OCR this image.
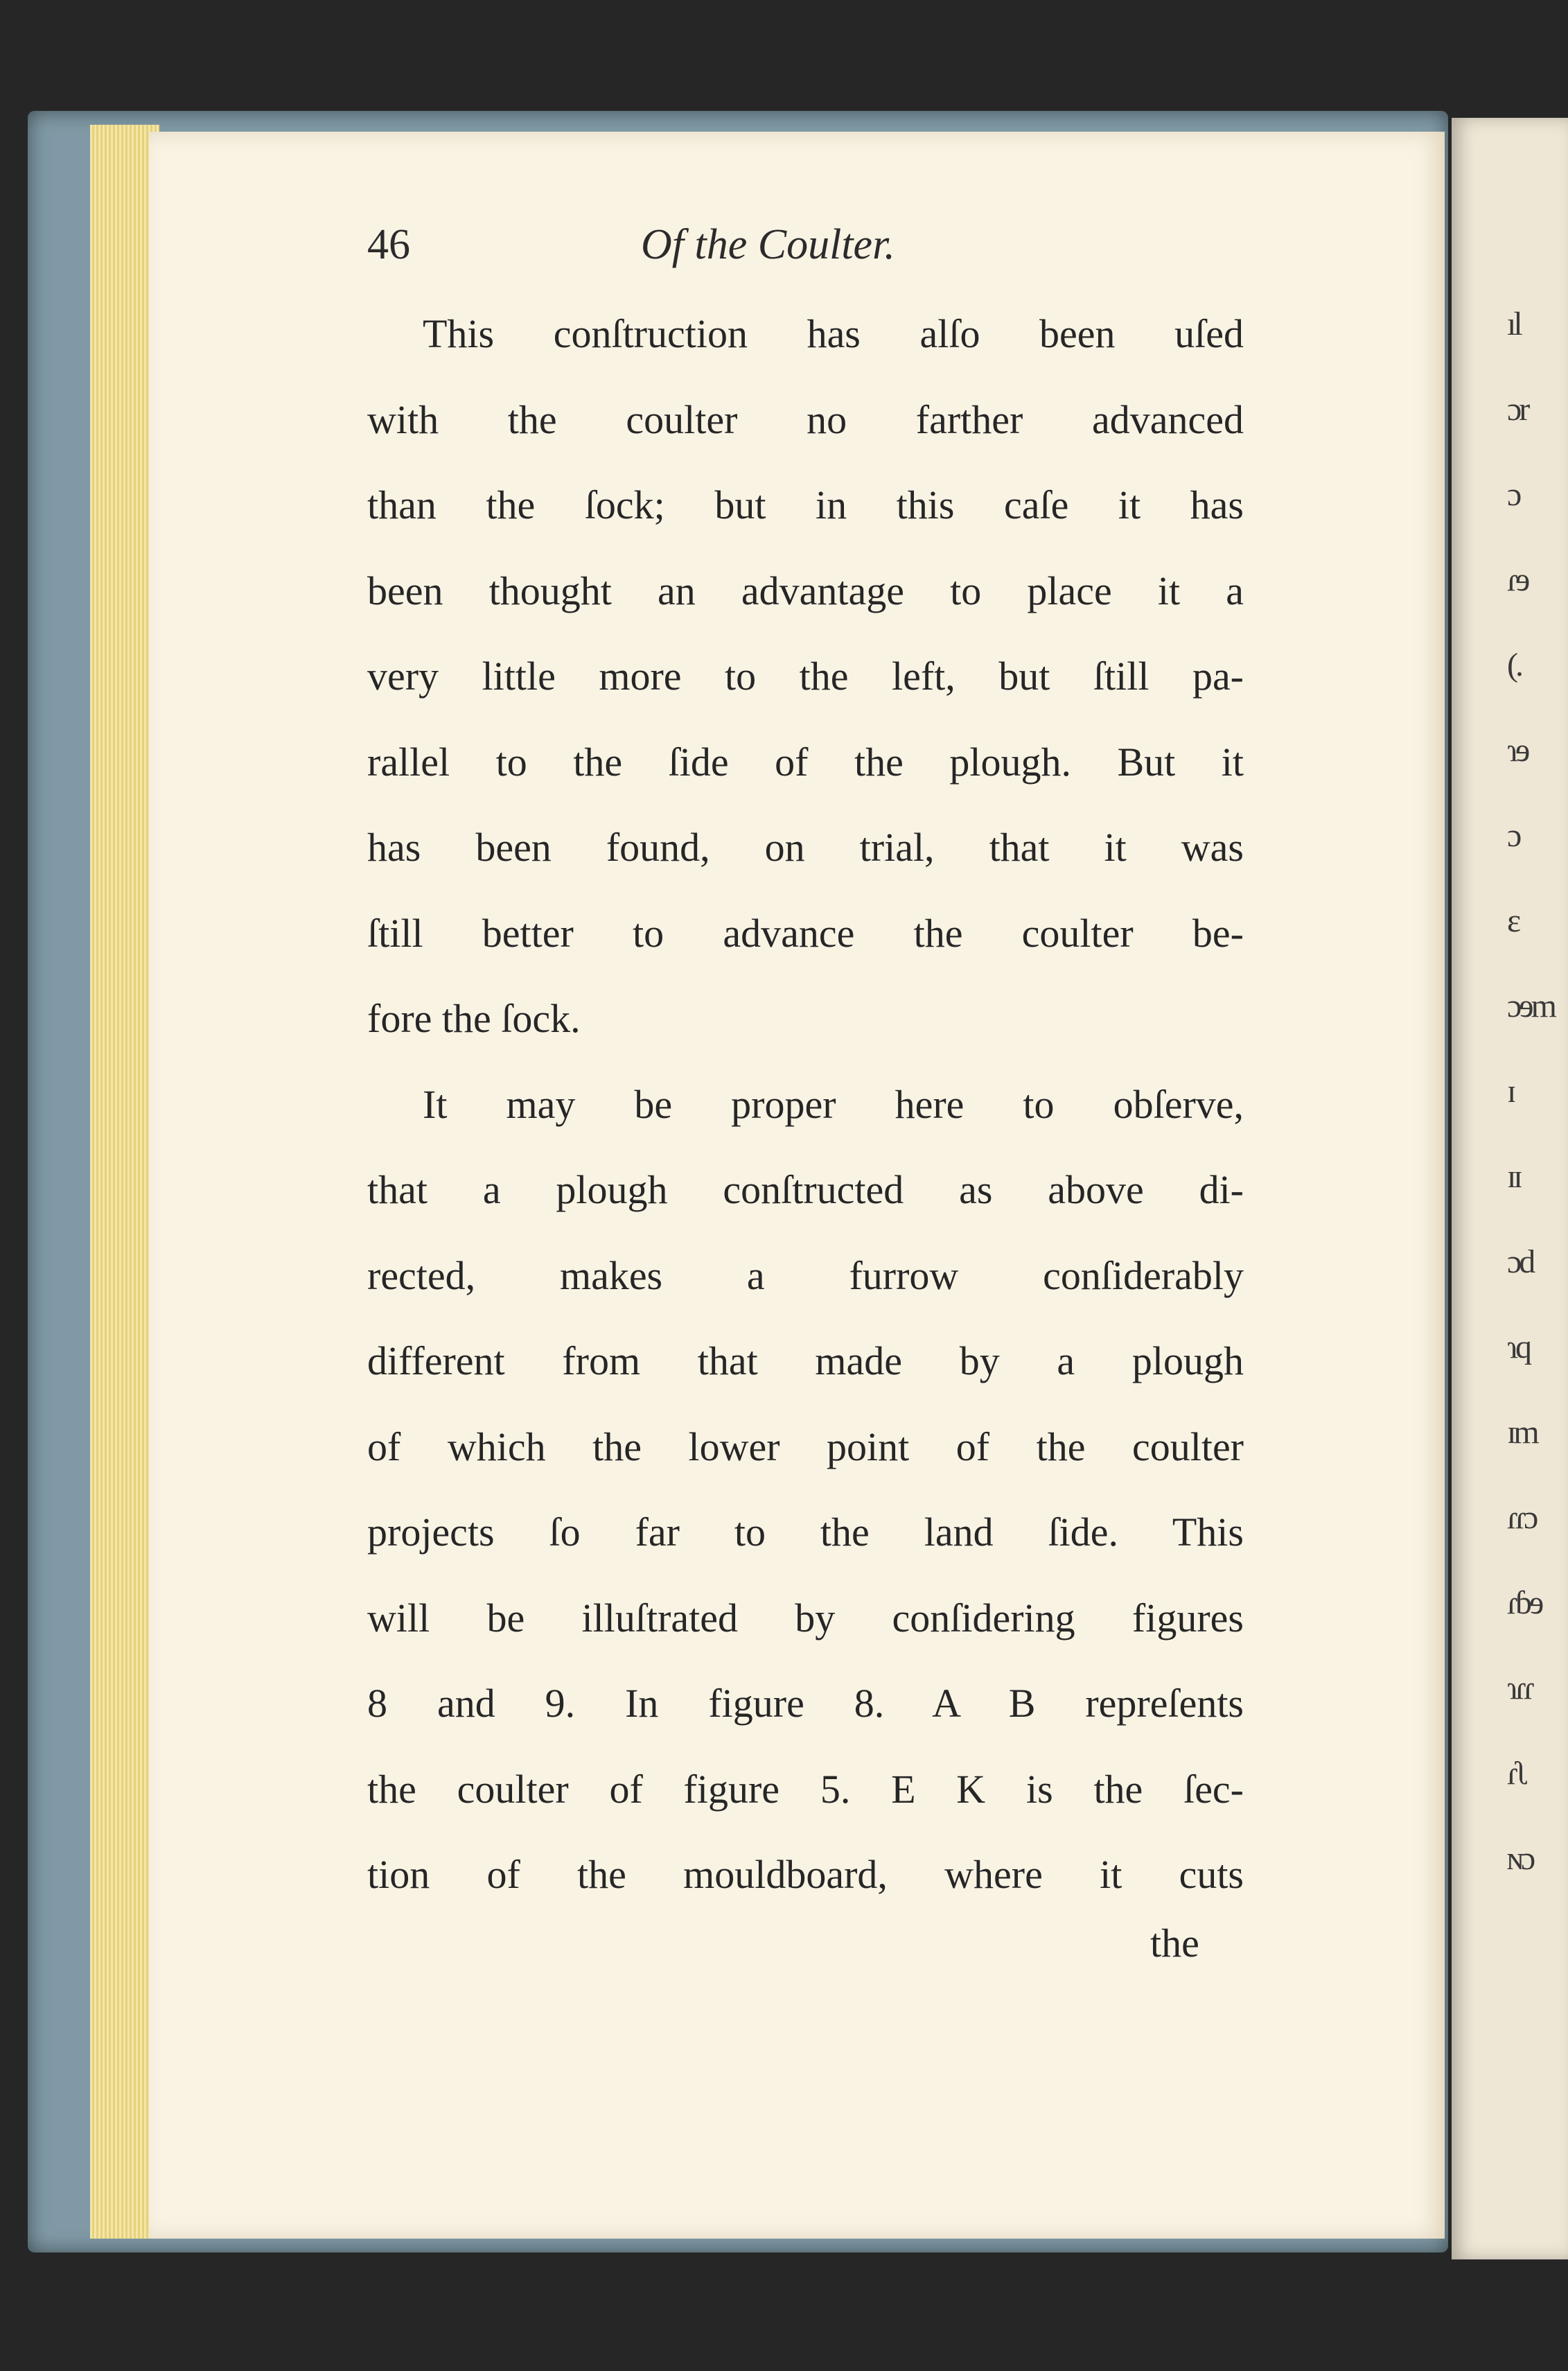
46	Of the Coulter.

This conſtruction has alſo been uſed
with the coulter no farther advanced
than the ſock; but in this caſe it has
been thought an advantage to place it a
very little more to the left, but ſtill pa-
rallel to the ſide of the plough. But it
has been found, on trial, that it was
ſtill better to advance the coulter be-
fore the ſock.

It may be proper here to obſerve,
that a plough conſtructed as above di-
rected, makes a furrow conſiderably
different from that made by a plough
of which the lower point of the coulter
projects ſo far to the land ſide. This
will be illuſtrated by conſidering figures
8 and 9. In figure 8. A B repreſents
the coulter of figure 5. E K is the ſec-
tion of the mouldboard, where it cuts

the
ıl
ɔr
ɔ
ɾɘ
(.
ɿɘ
ɔ
ɛ
ɔɘm
ɪ
ɪɪ
ɔd
ɿq
ɪm
ɾɾɔ
ɾɓɘ
ɿɾɾ
ɾʅ
ɴɔ
